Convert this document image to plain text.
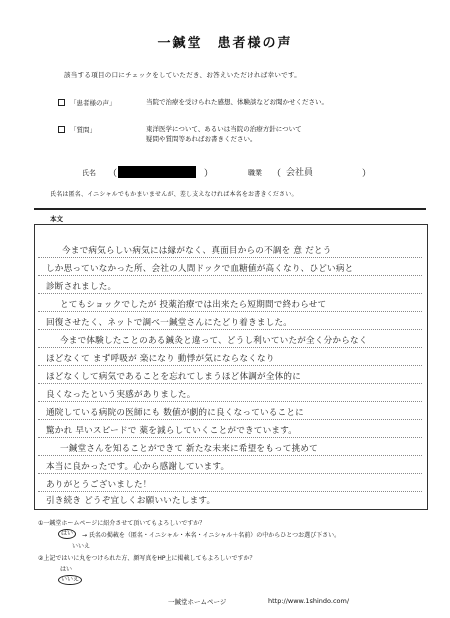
一鍼堂　患者様の声
該当する項目の口にチェックをしていただき、お答えいただければ幸いです。
「患者様の声」	当院で治療を受けられた感想、体験談などお聞かせください。
「質問」	東洋医学について、あるいは当院の治療方針について
疑問や質問等あればお書きください。
氏名 （	）	職業 （ 会社員	）
氏名は匿名、イニシャルでもかまいませんが、差し支えなければ本名をお書きください。
本文
今まで病気らしい病気には縁がなく、真面目からの不調を 意 だとう
しか思っていなかった所、会社の人間ドックで血糖値が高くなり、ひどい病と
診断されました。
とてもショックでしたが 投薬治療では出来たら短期間で終わらせて
回復させたく、ネットで調べ一鍼堂さんにたどり着きました。
今まで体験したことのある鍼灸と違って、どうし利いていたが全く分からなく
ほどなくて まず呼吸が 楽になり 動悸が気にならなくなり
ほどなくして病気であることを忘れてしまうほど体調が全体的に
良くなったという実感がありました。
通院している病院の医師にも 数値が劇的に良くなっていることに
驚かれ 早いスピードで 薬を減らしていくことができています。
一鍼堂さんを知ることができて 新たな未来に希望をもって挑めて
本当に良かったです。心から感謝しています。
ありがとうございました！
引き続き どうぞ宜しくお願いいたします。
①一鍼堂ホームページに紹介させて頂いてもよろしいですか？
はい	→ 氏名の掲載を（匿名・イニシャル・本名・イニシャル＋名前）の中からひとつお選び下さい。
いいえ
②上記ではいに丸をつけられた方、顔写真をHP上に掲載してもよろしいですか？
はい
いいえ
一鍼堂ホームページ	http://www.1shindo.com/
